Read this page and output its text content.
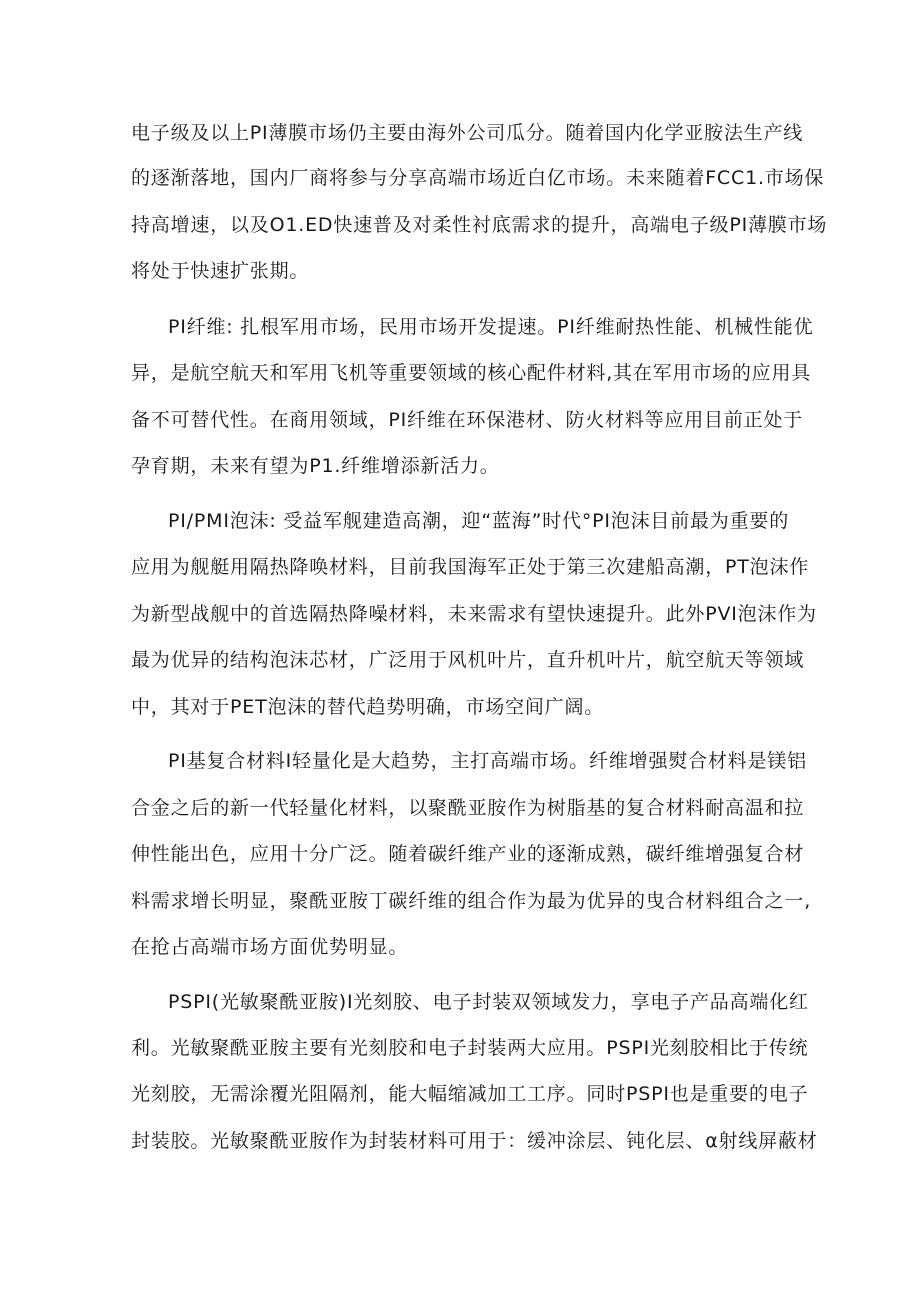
电子级及以上PI薄膜市场仍主要由海外公司瓜分。随着国内化学亚胺法生产线
的逐渐落地，国内厂商将参与分享高端市场近白亿市场。未来随着FCC1.市场保
持高增速，以及O1.ED快速普及对柔性衬底需求的提升，高端电子级PI薄膜市场
将处于快速扩张期。
PI纤维: 扎根军用市场，民用市场开发提速。PI纤维耐热性能、机械性能优
异，是航空航天和军用飞机等重要领域的核心配件材料,其在军用市场的应用具
备不可替代性。在商用领域，PI纤维在环保港材、防火材料等应用目前正处于
孕育期，未来有望为P1.纤维增添新活力。
PI/PMI泡沫: 受益军舰建造高潮，迎“蓝海”时代°PI泡沫目前最为重要的
应用为舰艇用隔热降唤材料，目前我国海军正处于第三次建船高潮，PT泡沫作
为新型战舰中的首选隔热降噪材料，未来需求有望快速提升。此外PVI泡沫作为
最为优异的结构泡沫芯材，广泛用于风机叶片，直升机叶片，航空航天等领域
中，其对于PET泡沫的替代趋势明确，市场空间广阔。
PI基复合材料I轻量化是大趋势，主打高端市场。纤维增强熨合材料是镁铝
合金之后的新一代轻量化材料，以聚酰亚胺作为树脂基的复合材料耐高温和拉
伸性能出色，应用十分广泛。随着碳纤维产业的逐渐成熟，碳纤维增强复合材
料需求增长明显，聚酰亚胺丁碳纤维的组合作为最为优异的曳合材料组合之一,
在抢占高端市场方面优势明显。
PSPI(光敏聚酰亚胺)I光刻胶、电子封装双领域发力，享电子产品高端化红
利。光敏聚酰亚胺主要有光刻胶和电子封装两大应用。PSPI光刻胶相比于传统
光刻胶，无需涂覆光阻隔剂，能大幅缩减加工工序。同时PSPI也是重要的电子
封装胶。光敏聚酰亚胺作为封装材料可用于：缓冲涂层、钝化层、α射线屏蔽材
